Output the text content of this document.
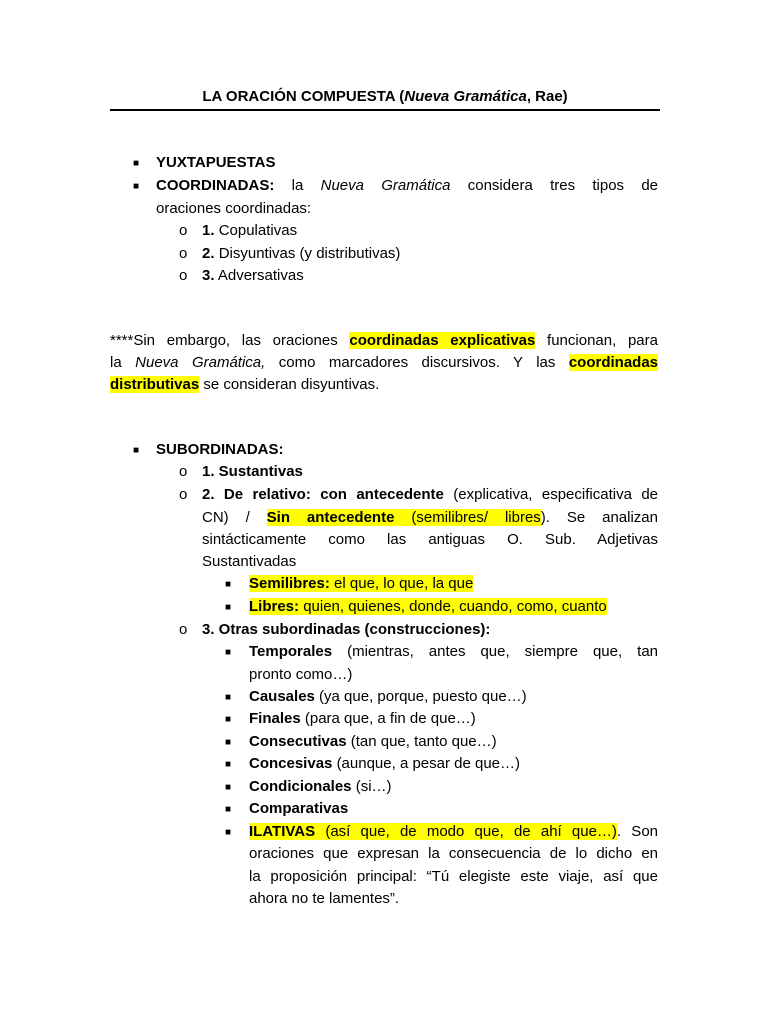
LA ORACIÓN COMPUESTA (Nueva Gramática, Rae)
■ YUXTAPUESTAS
■ COORDINADAS: la Nueva Gramática considera tres tipos de
oraciones coordinadas:
o 1. Copulativas
o 2. Disyuntivas (y distributivas)
o 3. Adversativas
****Sin embargo, las oraciones coordinadas explicativas funcionan, para
la Nueva Gramática, como marcadores discursivos. Y las coordinadas
distributivas se consideran disyuntivas.
■ SUBORDINADAS:
o 1. Sustantivas
o 2. De relativo: con antecedente (explicativa, especificativa de
CN) / Sin antecedente (semilibres/ libres). Se analizan
sintácticamente como las antiguas O. Sub. Adjetivas
Sustantivadas
■ Semilibres: el que, lo que, la que
■ Libres: quien, quienes, donde, cuando, como, cuanto
o 3. Otras subordinadas (construcciones):
■ Temporales (mientras, antes que, siempre que, tan
pronto como…)
■ Causales (ya que, porque, puesto que…)
■ Finales (para que, a fin de que…)
■ Consecutivas (tan que, tanto que…)
■ Concesivas (aunque, a pesar de que…)
■ Condicionales (si…)
■ Comparativas
■ ILATIVAS (así que, de modo que, de ahí que…). Son
oraciones que expresan la consecuencia de lo dicho en
la proposición principal: “Tú elegiste este viaje, así que
ahora no te lamentes”.
